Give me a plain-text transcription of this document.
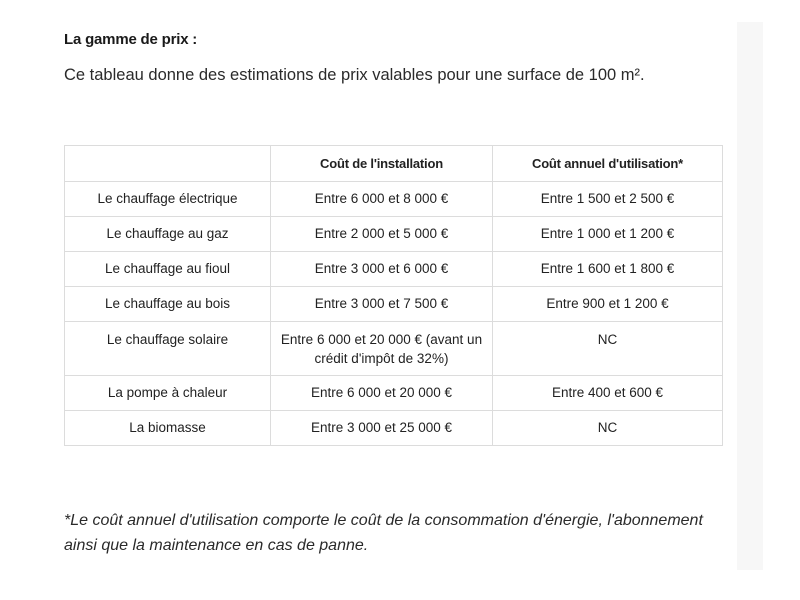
La gamme de prix :
Ce tableau donne des estimations de prix valables pour une surface de 100 m².
	Coût de l'installation	Coût annuel d'utilisation*
Le chauffage électrique	Entre 6 000 et 8 000 €	Entre 1 500 et 2 500 €
Le chauffage au gaz	Entre 2 000 et 5 000 €	Entre 1 000 et 1 200 €
Le chauffage au fioul	Entre 3 000 et 6 000 €	Entre 1 600 et 1 800 €
Le chauffage au bois	Entre 3 000 et 7 500 €	Entre 900 et 1 200 €
Le chauffage solaire	Entre 6 000 et 20 000 € (avant un crédit d'impôt de 32%)	NC
La pompe à chaleur	Entre 6 000 et 20 000 €	Entre 400 et 600 €
La biomasse	Entre 3 000 et 25 000 €	NC
*Le coût annuel d'utilisation comporte le coût de la consommation d'énergie, l'abonnement ainsi que la maintenance en cas de panne.
